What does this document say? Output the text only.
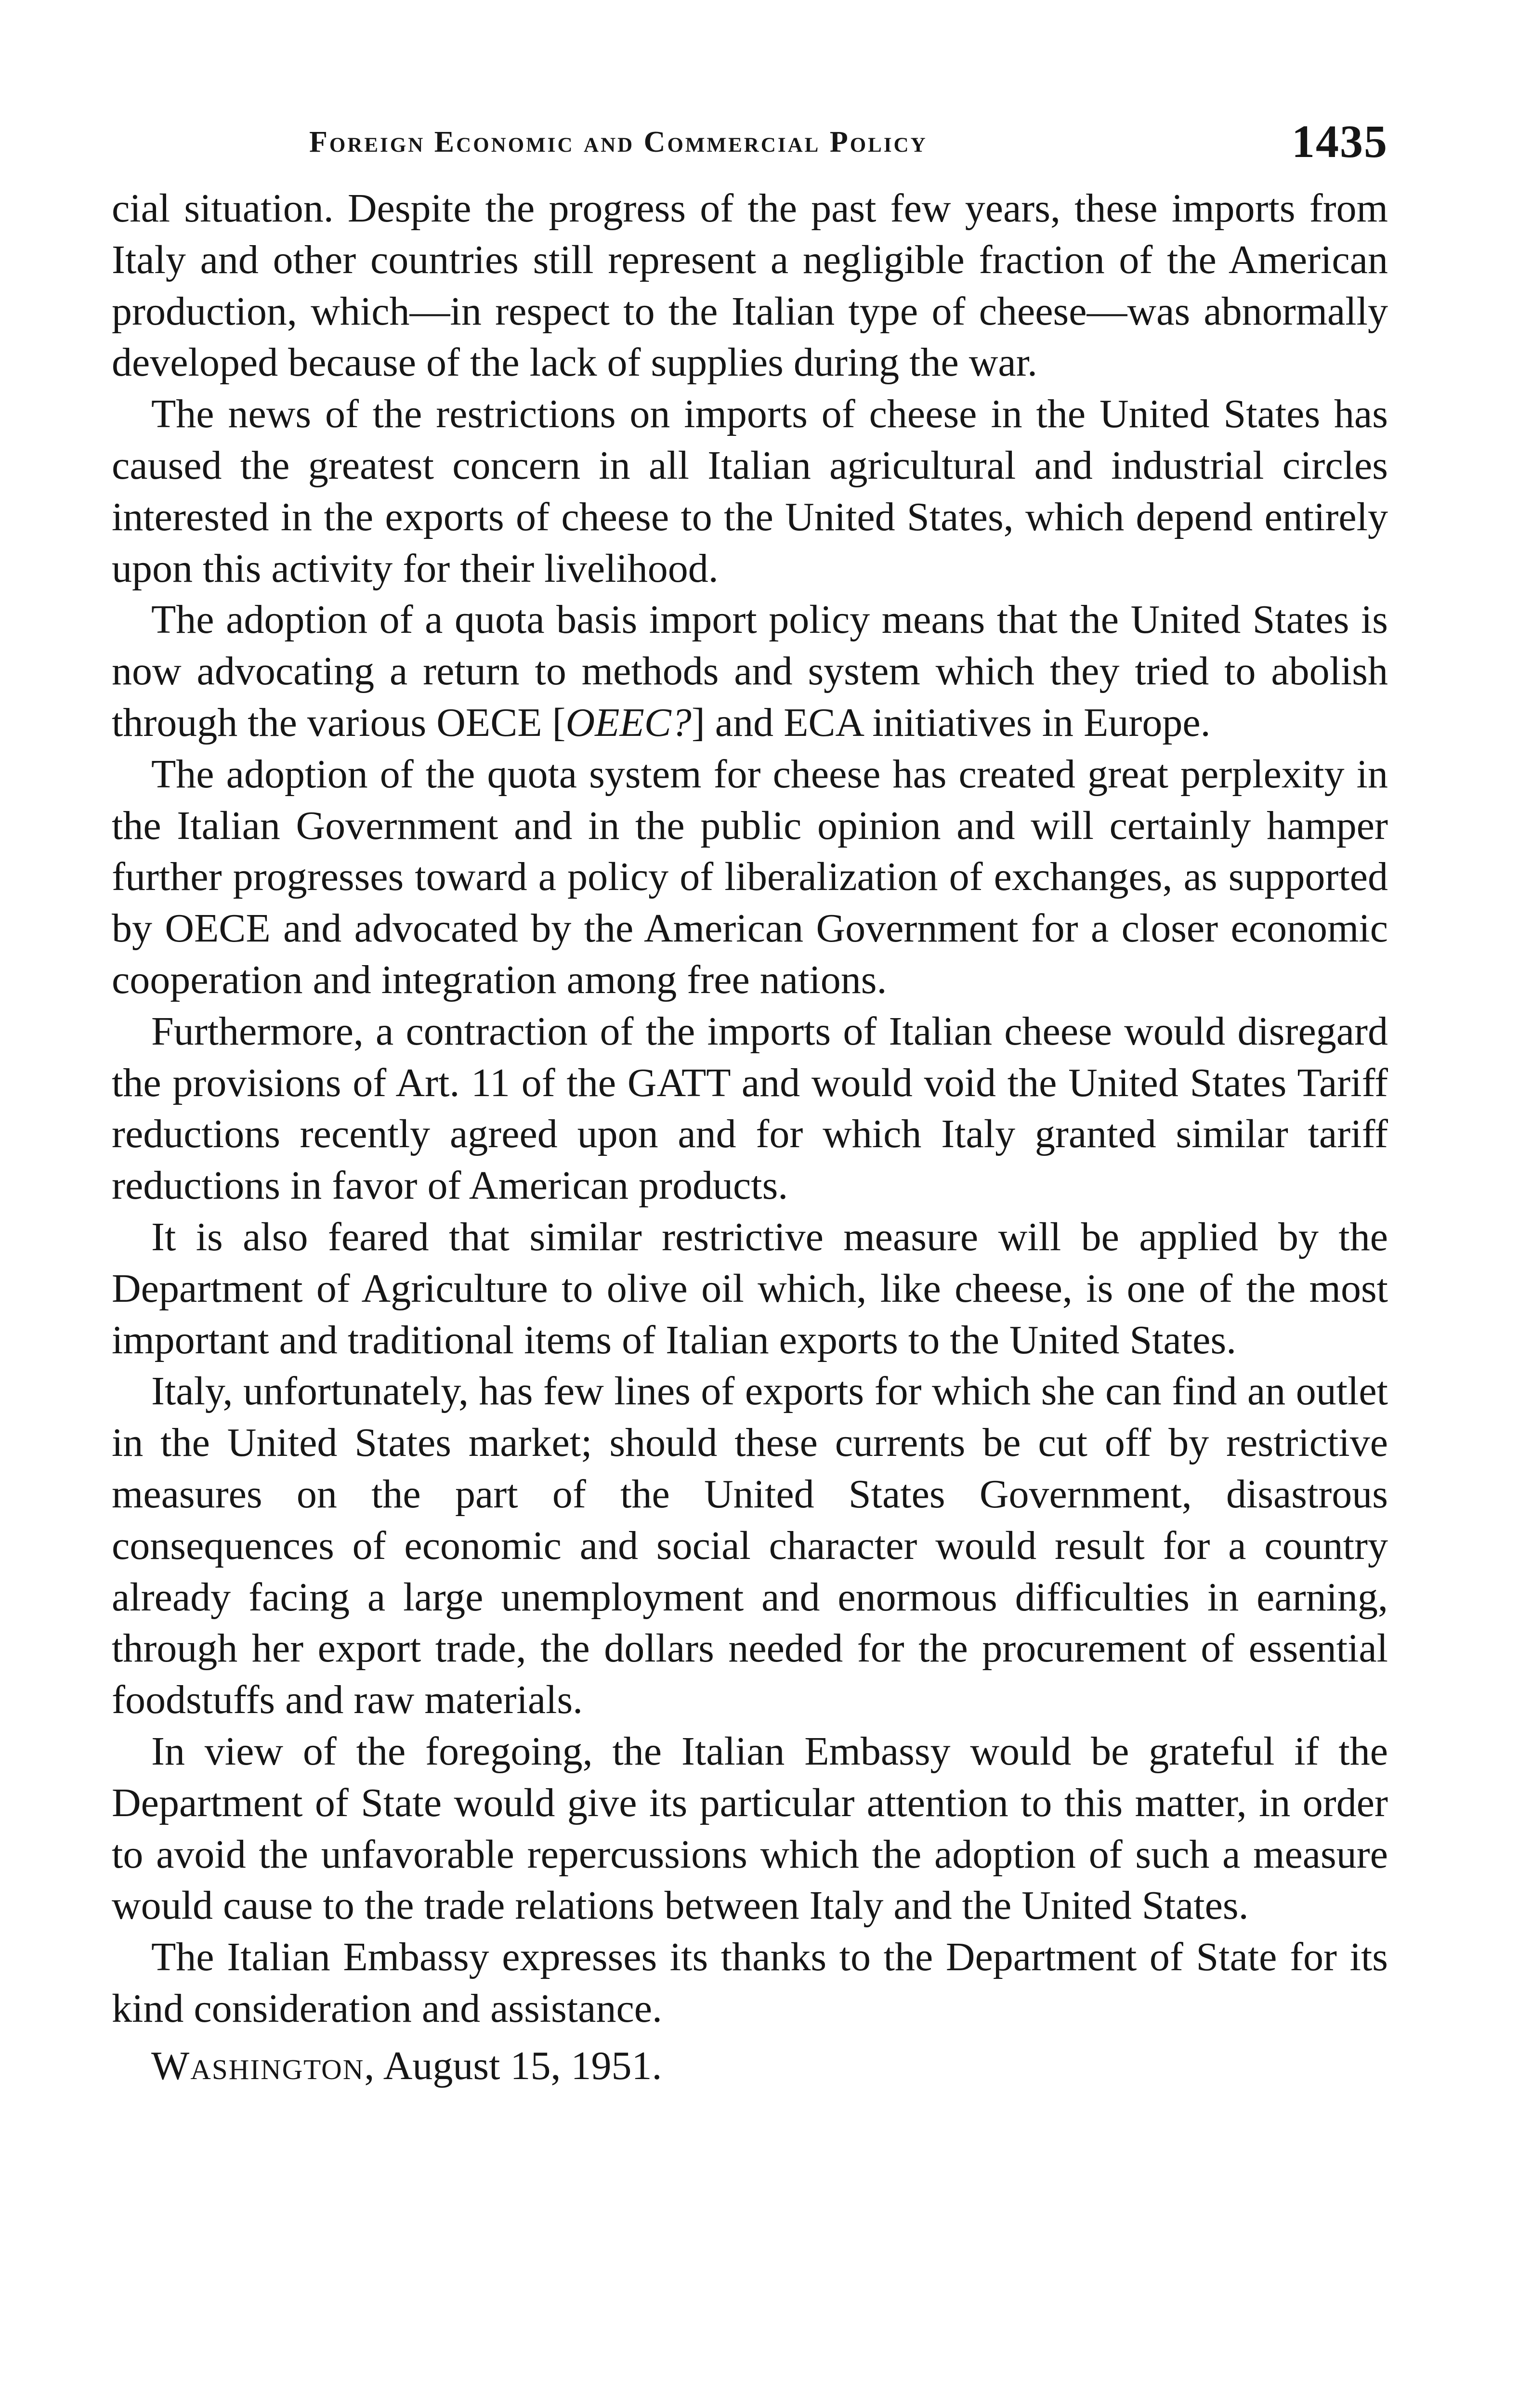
Foreign Economic and Commercial Policy	1435

cial situation. Despite the progress of the past few years, these imports from Italy and other countries still represent a negligible fraction of the American production, which—in respect to the Italian type of cheese—was abnormally developed because of the lack of supplies during the war.

The news of the restrictions on imports of cheese in the United States has caused the greatest concern in all Italian agricultural and industrial circles interested in the exports of cheese to the United States, which depend entirely upon this activity for their livelihood.

The adoption of a quota basis import policy means that the United States is now advocating a return to methods and system which they tried to abolish through the various OECE [OEEC?] and ECA initiatives in Europe.

The adoption of the quota system for cheese has created great perplexity in the Italian Government and in the public opinion and will certainly hamper further progresses toward a policy of liberalization of exchanges, as supported by OECE and advocated by the American Government for a closer economic cooperation and integration among free nations.

Furthermore, a contraction of the imports of Italian cheese would disregard the provisions of Art. 11 of the GATT and would void the United States Tariff reductions recently agreed upon and for which Italy granted similar tariff reductions in favor of American products.

It is also feared that similar restrictive measure will be applied by the Department of Agriculture to olive oil which, like cheese, is one of the most important and traditional items of Italian exports to the United States.

Italy, unfortunately, has few lines of exports for which she can find an outlet in the United States market; should these currents be cut off by restrictive measures on the part of the United States Government, disastrous consequences of economic and social character would result for a country already facing a large unemployment and enormous difficulties in earning, through her export trade, the dollars needed for the procurement of essential foodstuffs and raw materials.

In view of the foregoing, the Italian Embassy would be grateful if the Department of State would give its particular attention to this matter, in order to avoid the unfavorable repercussions which the adoption of such a measure would cause to the trade relations between Italy and the United States.

The Italian Embassy expresses its thanks to the Department of State for its kind consideration and assistance.

Washington, August 15, 1951.
